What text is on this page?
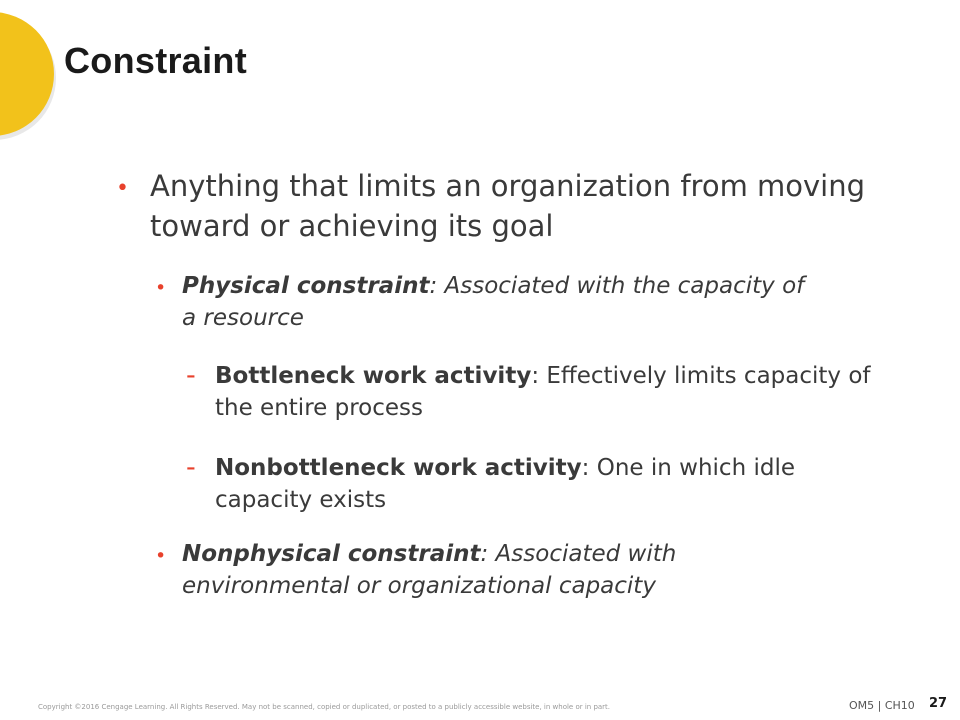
Constraint
• Anything that limits an organization from moving toward or achieving its goal
• Physical constraint: Associated with the capacity of a resource
- Bottleneck work activity: Effectively limits capacity of the entire process
- Nonbottleneck work activity: One in which idle capacity exists
• Nonphysical constraint: Associated with environmental or organizational capacity
Copyright ©2016 Cengage Learning. All Rights Reserved. May not be scanned, copied or duplicated, or posted to a publicly accessible website, in whole or in part.	OM5 | CH10 27
